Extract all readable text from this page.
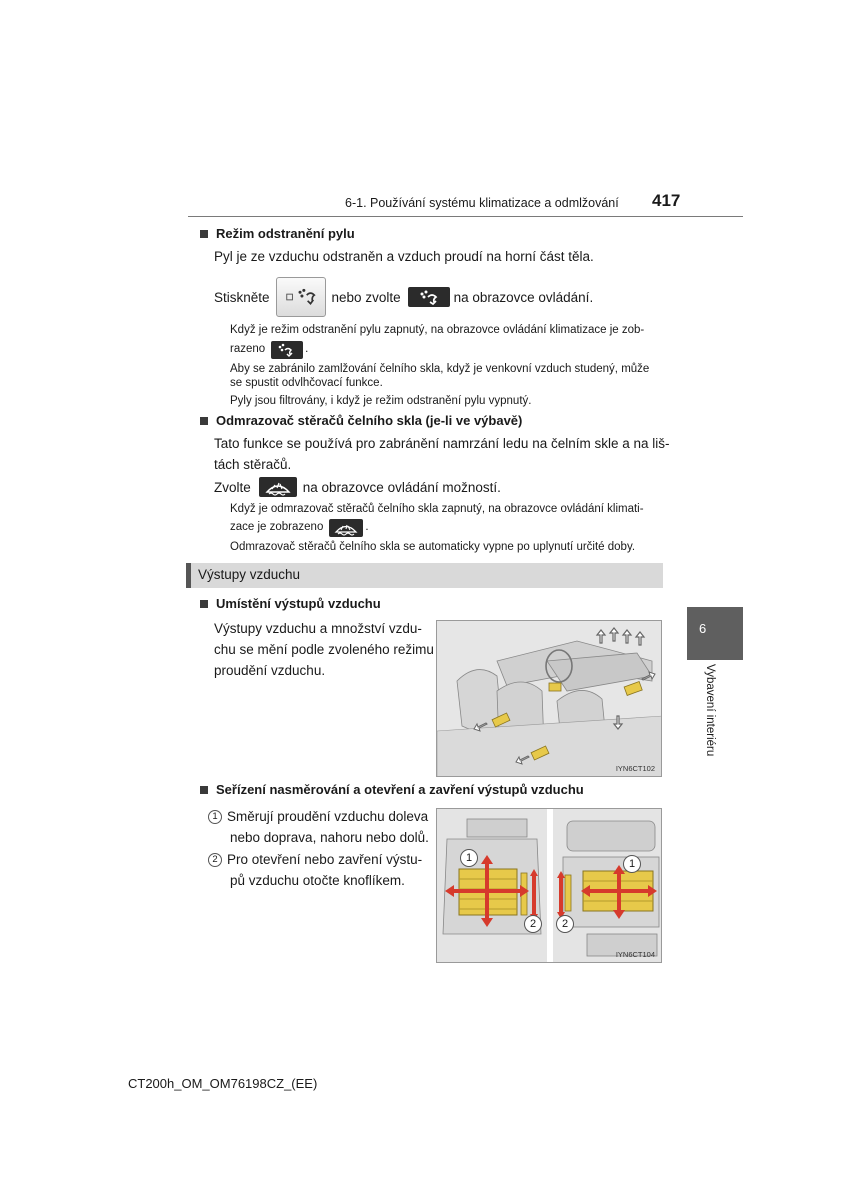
6-1. Používání systému klimatizace a odmlžování 417
Režim odstranění pylu
Pyl je ze vzduchu odstraněn a vzduch proudí na horní část těla.
Stiskněte	nebo zvolte	na obrazovce ovládání.
Když je režim odstranění pylu zapnutý, na obrazovce ovládání klimatizace je zob-
razeno	.
Aby se zabránilo zamlžování čelního skla, když je venkovní vzduch studený, může
se spustit odvlhčovací funkce.
Pyly jsou filtrovány, i když je režim odstranění pylu vypnutý.
Odmrazovač stěračů čelního skla (je-li ve výbavě)
Tato funkce se používá pro zabránění namrzání ledu na čelním skle a na liš-
tách stěračů.
Zvolte	na obrazovce ovládání možností.
Když je odmrazovač stěračů čelního skla zapnutý, na obrazovce ovládání klimati-
zace je zobrazeno	.
Odmrazovač stěračů čelního skla se automaticky vypne po uplynutí určité doby.
Výstupy vzduchu
Umístění výstupů vzduchu
Výstupy vzduchu a množství vzdu-
chu se mění podle zvoleného režimu
proudění vzduchu.
IYN6CT102
Seřízení nasměrování a otevření a zavření výstupů vzduchu
1 Směrují proudění vzduchu doleva
nebo doprava, nahoru nebo dolů.
2 Pro otevření nebo zavření výstu-
pů vzduchu otočte knoflíkem.
1
2
1
2
IYN6CT104
6
Vybavení interiéru
CT200h_OM_OM76198CZ_(EE)
